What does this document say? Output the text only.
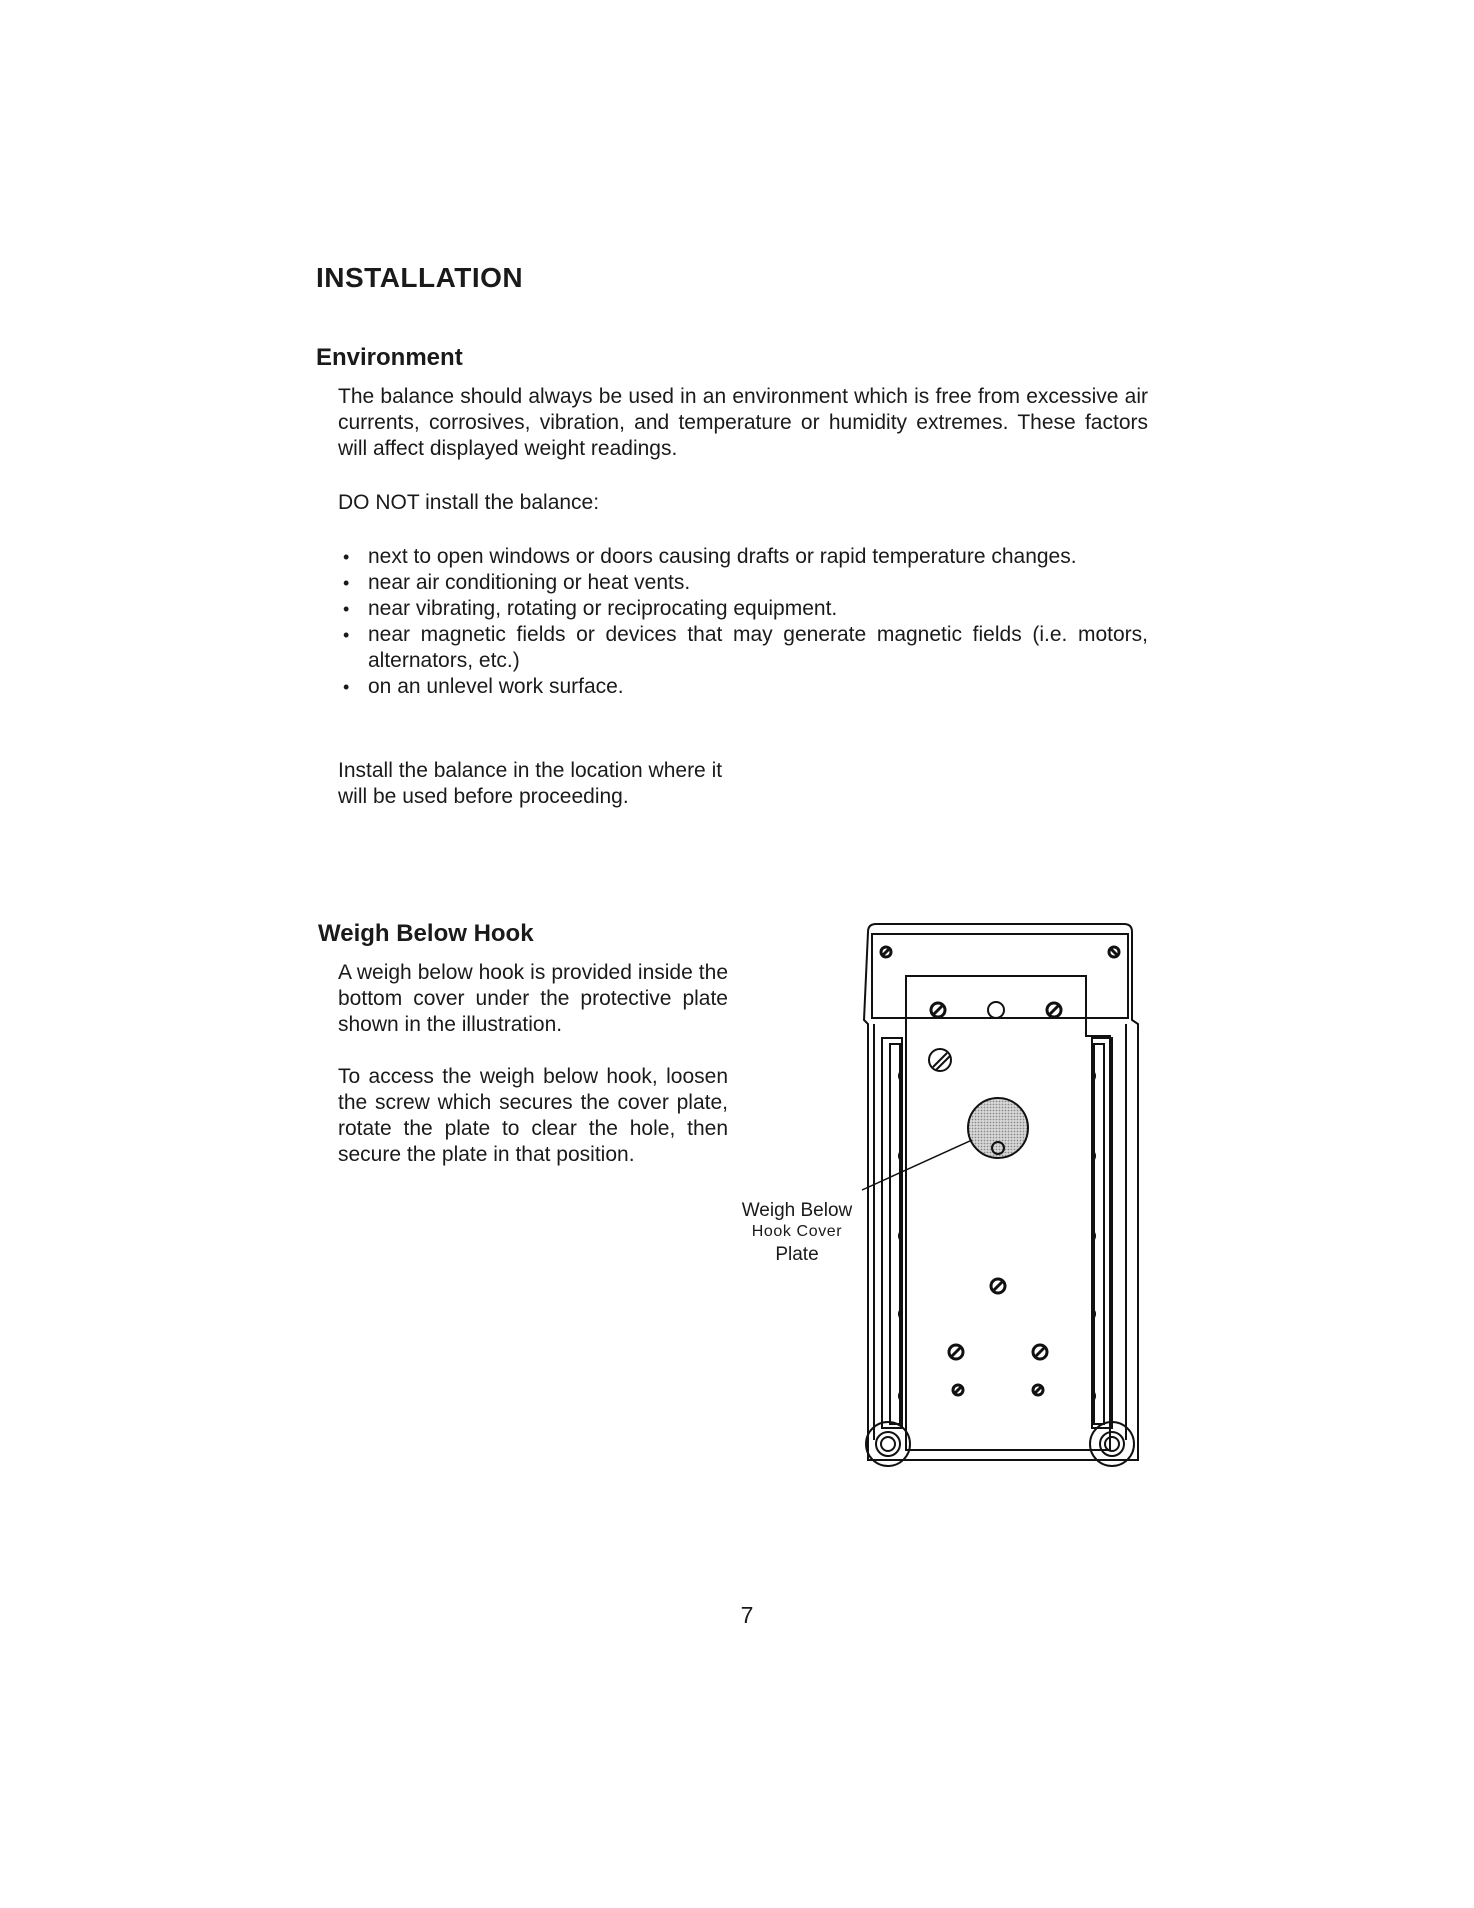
INSTALLATION
Environment

The balance should always be used in an environment which is free from excessive air currents, corrosives, vibration, and temperature or humidity extremes. These factors will affect displayed weight readings.

DO NOT install the balance:

• next to open windows or doors causing drafts or rapid temperature changes.
• near air conditioning or heat vents.
• near vibrating, rotating or reciprocating equipment.
• near magnetic fields or devices that may generate magnetic fields (i.e. motors, alternators, etc.)
• on an unlevel work surface.

Install the balance in the location where it will be used before proceeding.

Weigh Below Hook

A weigh below hook is provided inside the bottom cover under the protective plate shown in the illustration.

To access the weigh below hook, loosen the screw which secures the cover plate, rotate the plate to clear the hole, then secure the plate in that position.

Weigh Below

Hook Cover

Plate

7
